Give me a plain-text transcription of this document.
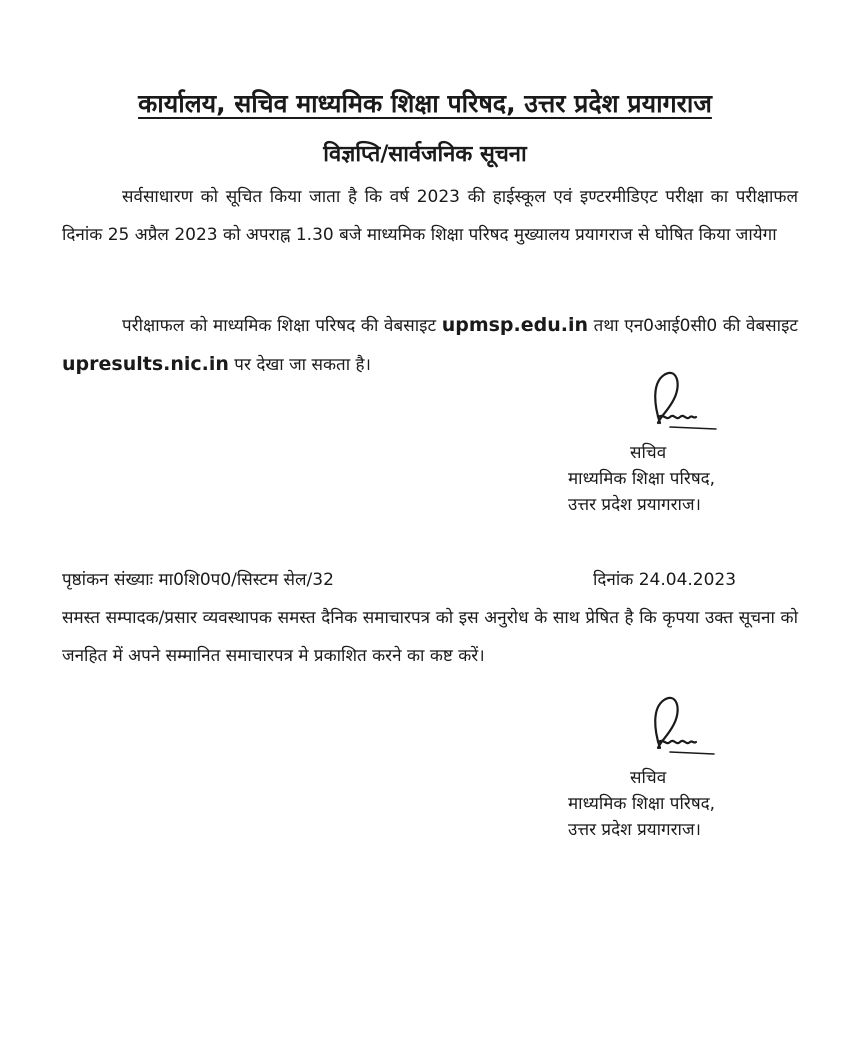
कार्यालय, सचिव माध्यमिक शिक्षा परिषद, उत्तर प्रदेश प्रयागराज
विज्ञप्ति/सार्वजनिक सूचना
सर्वसाधारण को सूचित किया जाता है कि वर्ष 2023 की हाईस्कूल एवं इण्टरमीडिएट परीक्षा का परीक्षाफल दिनांक 25 अप्रैल 2023 को अपराह्न 1.30 बजे माध्यमिक शिक्षा परिषद मुख्यालय प्रयागराज से घोषित किया जायेगा
परीक्षाफल को माध्यमिक शिक्षा परिषद की वेबसाइट upmsp.edu.in तथा एन0आई0सी0 की वेबसाइट upresults.nic.in पर देखा जा सकता है।
सचिव
माध्यमिक शिक्षा परिषद,
उत्तर प्रदेश प्रयागराज।
पृष्ठांकन संख्याः मा0शि0प0/सिस्टम सेल/32	दिनांक 24.04.2023
समस्त सम्पादक/प्रसार व्यवस्थापक समस्त दैनिक समाचारपत्र को इस अनुरोध के साथ प्रेषित है कि कृपया उक्त सूचना को जनहित में अपने सम्मानित समाचारपत्र मे प्रकाशित करने का कष्ट करें।
सचिव
माध्यमिक शिक्षा परिषद,
उत्तर प्रदेश प्रयागराज।
